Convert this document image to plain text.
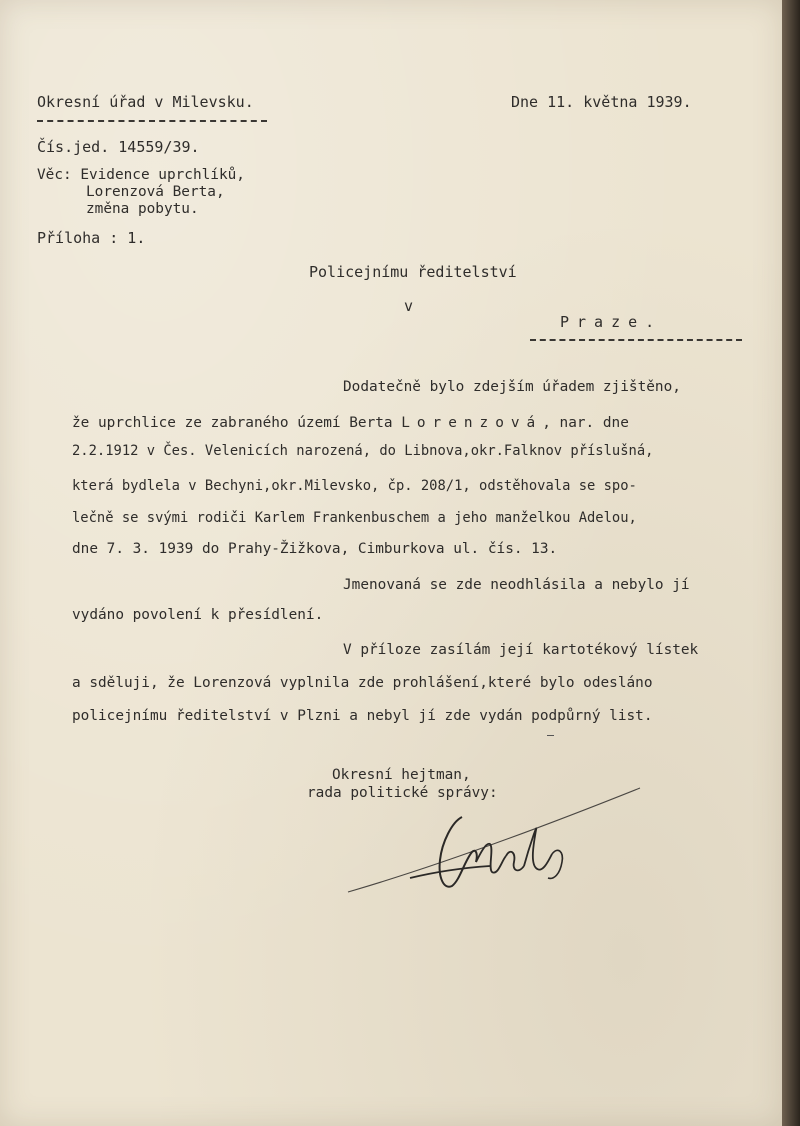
Okresní úřad v Milevsku.	Dne 11. května 1939.
Čís.jed. 14559/39.
Věc: Evidence uprchlíků,
Lorenzová Berta,
změna pobytu.
Příloha : 1.
Policejnímu ředitelství
v
Praze.
Dodatečně bylo zdejším úřadem zjištěno,
že uprchlice ze zabraného území Berta Lorenzová, nar. dne
2.2.1912 v Čes. Velenicích narozená, do Libnova,okr.Falknov příslušná,
která bydlela v Bechyni,okr.Milevsko, čp. 208/1, odstěhovala se spo-
lečně se svými rodiči Karlem Frankenbuschem a jeho manželkou Adelou,
dne 7. 3. 1939 do Prahy-Žižkova, Cimburkova ul. čís. 13.
Jmenovaná se zde neodhlásila a nebylo jí
vydáno povolení k přesídlení.
V příloze zasílám její kartotékový lístek
a sděluji, že Lorenzová vyplnila zde prohlášení,které bylo odesláno
policejnímu ředitelství v Plzni a nebyl jí zde vydán podpůrný list.
Okresní hejtman,
rada politické správy:
